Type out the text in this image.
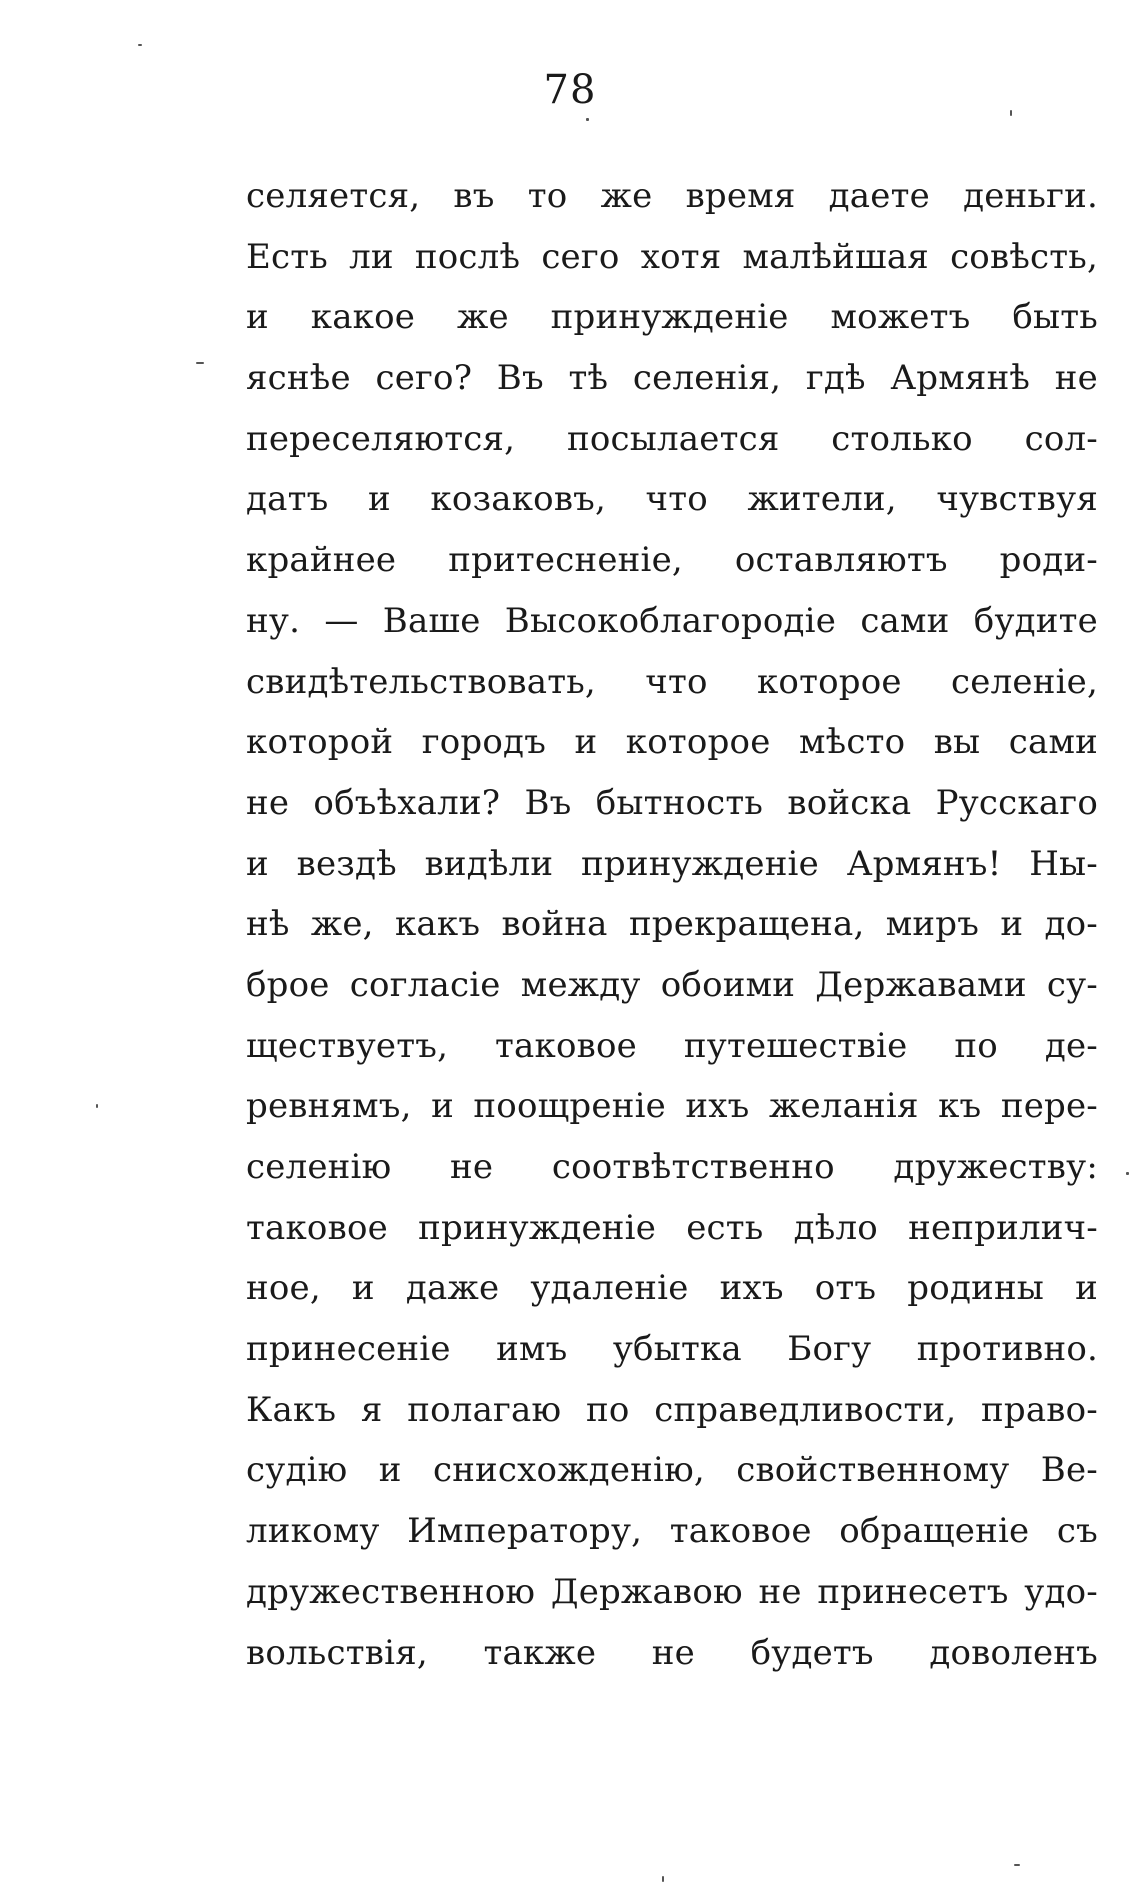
78
селяется, въ то же время даете деньги.
Есть ли послѣ сего хотя малѣйшая совѣсть,
и какое же принужденіе можетъ быть
яснѣе сего? Въ тѣ селенія, гдѣ Армянѣ не
переселяются, посылается столько сол-
датъ и козаковъ, что жители, чувствуя
крайнее притесненіе, оставляютъ роди-
ну. — Ваше Высокоблагородіе сами будите
свидѣтельствовать, что которое селеніе,
которой городъ и которое мѣсто вы сами
не объѣхали? Въ бытность войска Русскаго
и вездѣ видѣли принужденіе Армянъ! Ны-
нѣ же, какъ война прекращена, миръ и до-
брое согласіе между обоими Державами су-
ществуетъ, таковое путешествіе по де-
ревнямъ, и поощреніе ихъ желанія къ пере-
селенію не соотвѣтственно дружеству:
таковое принужденіе есть дѣло неприлич-
ное, и даже удаленіе ихъ отъ родины и
принесеніе имъ убытка Богу противно.
Какъ я полагаю по справедливости, право-
судію и снисхожденію, свойственному Ве-
ликому Императору, таковое обращеніе съ
дружественною Державою не принесетъ удо-
вольствія, также не будетъ доволенъ
